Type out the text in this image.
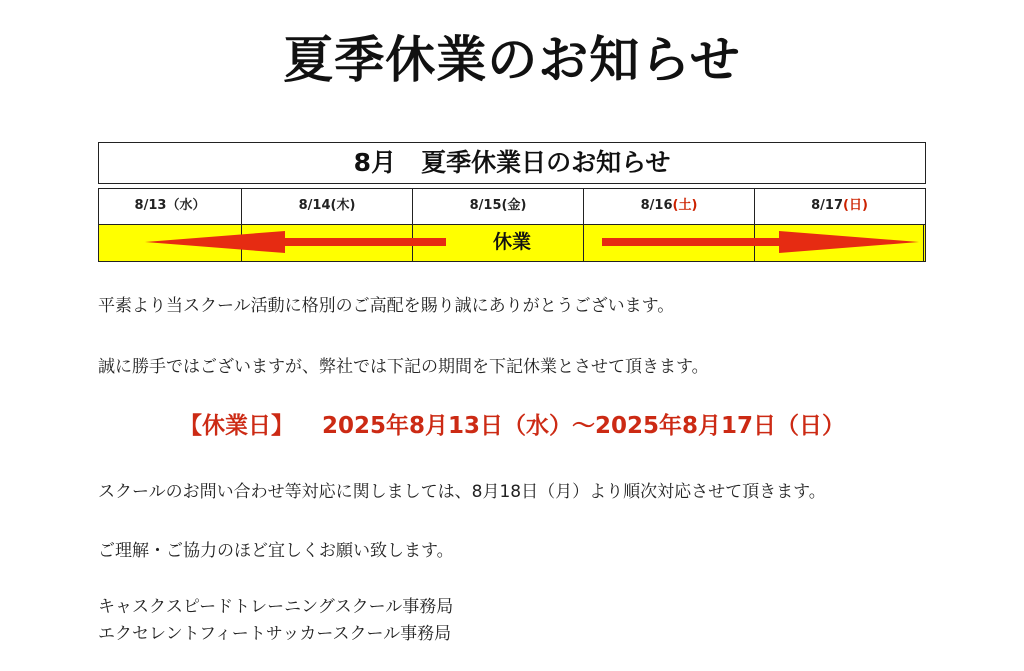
夏季休業のお知らせ
8月　夏季休業日のお知らせ
8/13（水）	8/14(木)	8/15(金)	8/16(土)	8/17(日)
休業
平素より当スクール活動に格別のご高配を賜り誠にありがとうございます。
誠に勝手ではございますが、弊社では下記の期間を下記休業とさせて頂きます。
【休業日】 2025年8月13日（水）～2025年8月17日（日）
スクールのお問い合わせ等対応に関しましては、8月18日（月）より順次対応させて頂きます。
ご理解・ご協力のほど宜しくお願い致します。
キャスクスピードトレーニングスクール事務局
エクセレントフィートサッカースクール事務局
